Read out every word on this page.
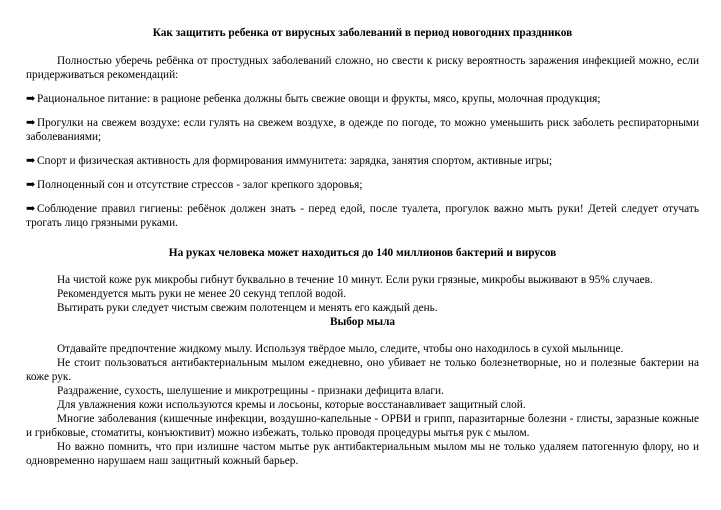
Как защитить ребенка от вирусных заболеваний в период новогодних праздников

Полностью уберечь ребёнка от простудных заболеваний сложно, но свести к риску вероятность заражения инфекцией можно, если придерживаться рекомендаций:

➡ Рациональное питание: в рационе ребенка должны быть свежие овощи и фрукты, мясо, крупы, молочная продукция;

➡ Прогулки на свежем воздухе: если гулять на свежем воздухе, в одежде по погоде, то можно уменьшить риск заболеть респираторными заболеваниями;

➡ Спорт и физическая активность для формирования иммунитета: зарядка, занятия спортом, активные игры;

➡ Полноценный сон и отсутствие стрессов - залог крепкого здоровья;

➡ Соблюдение правил гигиены: ребёнок должен знать - перед едой, после туалета, прогулок важно мыть руки! Детей следует отучать трогать лицо грязными руками.

На руках человека может находиться до 140 миллионов бактерий и вирусов

На чистой коже рук микробы гибнут буквально в течение 10 минут. Если руки грязные, микробы выживают в 95% случаев.

Рекомендуется мыть руки не менее 20 секунд теплой водой.

Вытирать руки следует чистым свежим полотенцем и менять его каждый день.

Выбор мыла

Отдавайте предпочтение жидкому мылу. Используя твёрдое мыло, следите, чтобы оно находилось в сухой мыльнице.

Не стоит пользоваться антибактериальным мылом ежедневно, оно убивает не только болезнетворные, но и полезные бактерии на коже рук.

Раздражение, сухость, шелушение и микротрещины - признаки дефицита влаги.

Для увлажнения кожи используются кремы и лосьоны, которые восстанавливает защитный слой.

Многие заболевания (кишечные инфекции, воздушно-капельные - ОРВИ и грипп, паразитарные болезни - глисты, заразные кожные и грибковые, стоматиты, конъюктивит) можно избежать, только проводя процедуры мытья рук с мылом.

Но важно помнить, что при излишне частом мытье рук антибактериальным мылом мы не только удаляем патогенную флору, но и одновременно нарушаем наш защитный кожный барьер.
